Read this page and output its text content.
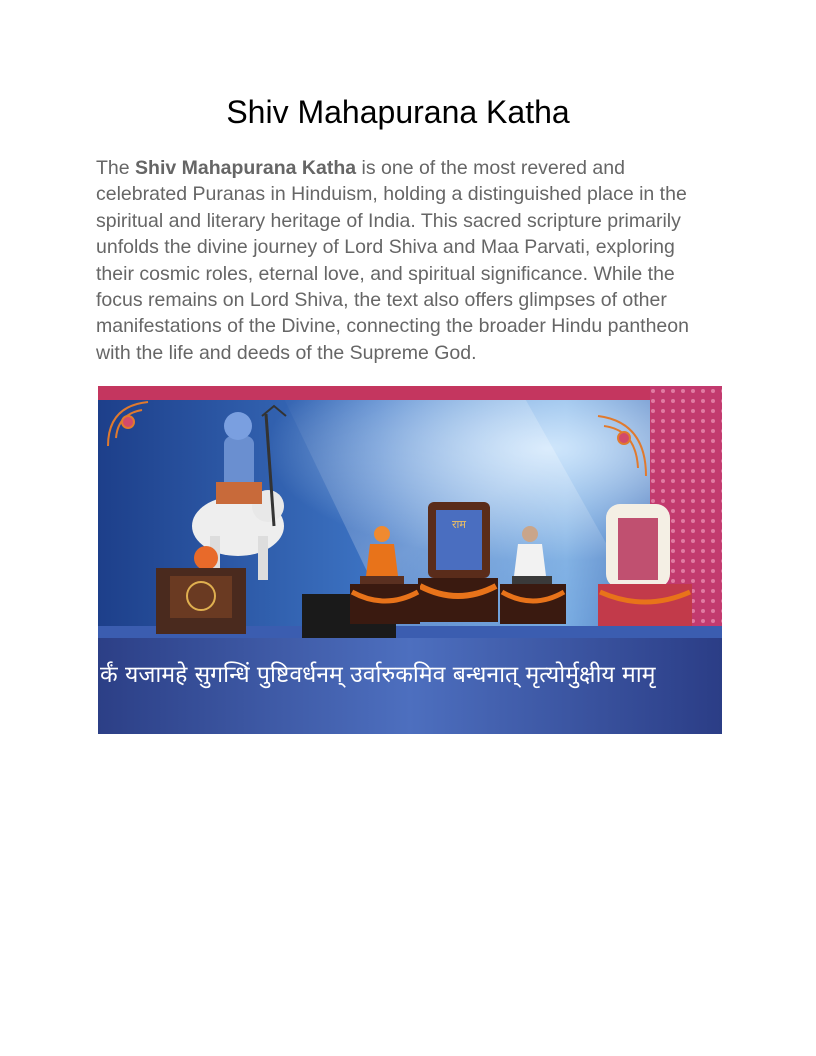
Shiv Mahapurana Katha

The Shiv Mahapurana Katha is one of the most revered and celebrated Puranas in Hinduism, holding a distinguished place in the spiritual and literary heritage of India. This sacred scripture primarily unfolds the divine journey of Lord Shiva and Maa Parvati, exploring their cosmic roles, eternal love, and spiritual significance. While the focus remains on Lord Shiva, the text also offers glimpses of other manifestations of the Divine, connecting the broader Hindu pantheon with the life and deeds of the Supreme God.

राम
र्कं यजामहे सुगन्धिं पुष्टिवर्धनम् उर्वारुकमिव बन्धनात् मृत्योर्मुक्षीय मामृ
